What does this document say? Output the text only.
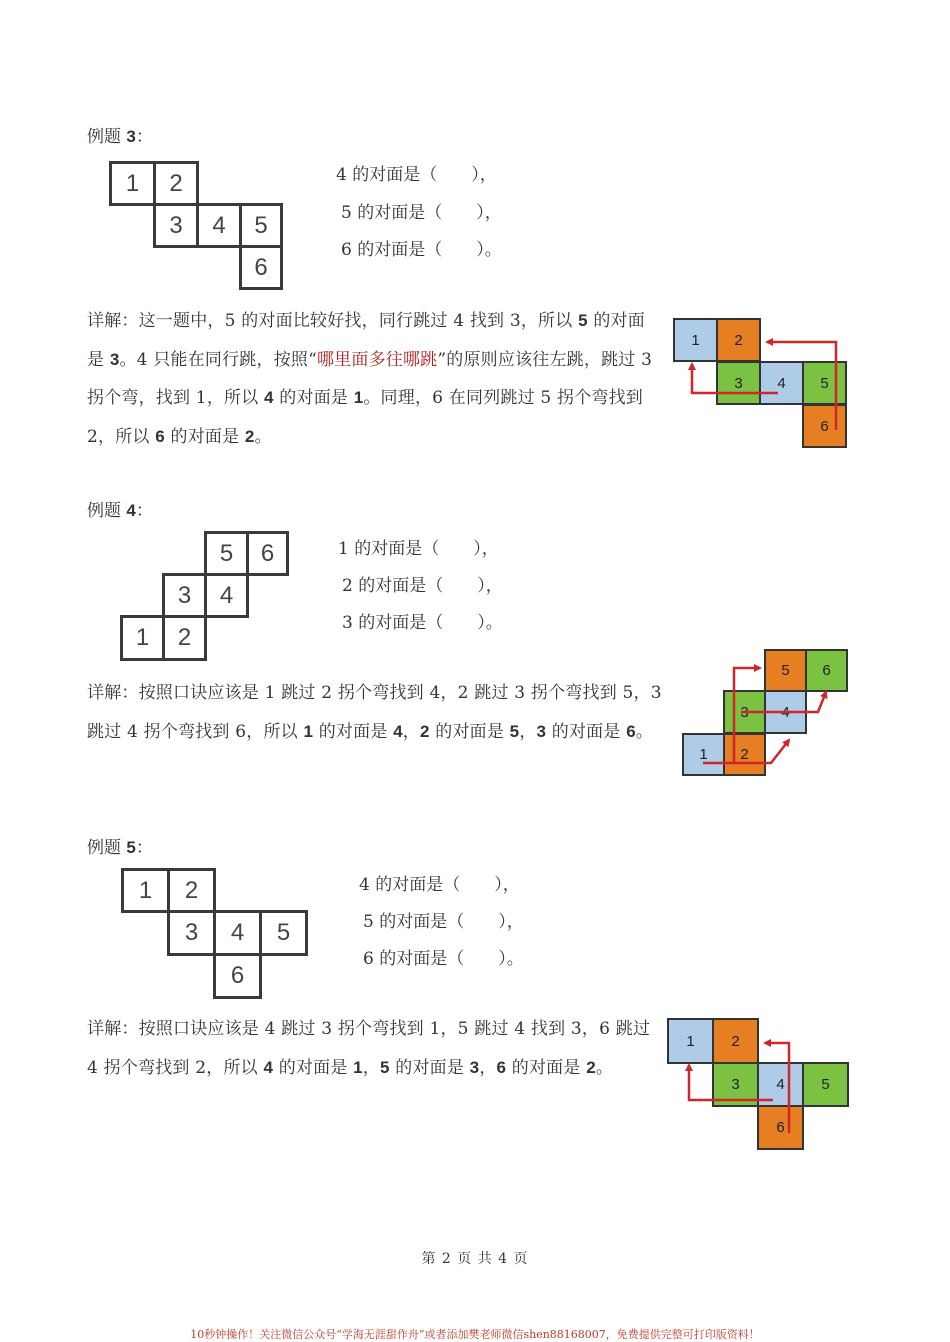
例题 3：
1	2
3	4	5
6
4 的对面是（　　），
5 的对面是（　　），
6 的对面是（　　）。
详解：这一题中，5 的对面比较好找，同行跳过 4 找到 3，所以 5 的对面是 3。4 只能在同行跳，按照“哪里面多往哪跳”的原则应该往左跳，跳过 3 拐个弯，找到 1，所以 4 的对面是 1。同理，6 在同列跳过 5 拐个弯找到 2，所以 6 的对面是 2。
1	2
3	4	5
6
例题 4：
5	6
3	4
1	2
1 的对面是（　　），
2 的对面是（　　），
3 的对面是（　　）。
详解：按照口诀应该是 1 跳过 2 拐个弯找到 4，2 跳过 3 拐个弯找到 5，3 跳过 4 拐个弯找到 6，所以 1 的对面是 4，2 的对面是 5，3 的对面是 6。
5	6
3	4
1	2
例题 5：
1	2
3	4	5
6
4 的对面是（　　），
5 的对面是（　　），
6 的对面是（　　）。
详解：按照口诀应该是 4 跳过 3 拐个弯找到 1，5 跳过 4 找到 3，6 跳过 4 拐个弯找到 2，所以 4 的对面是 1，5 的对面是 3，6 的对面是 2。
1	2
3	4	5
6
第 2 页 共 4 页
10秒钟操作！关注微信公众号“学海无涯甜作舟”或者添加樊老师微信shen88168007，免费提供完整可打印版资料！
